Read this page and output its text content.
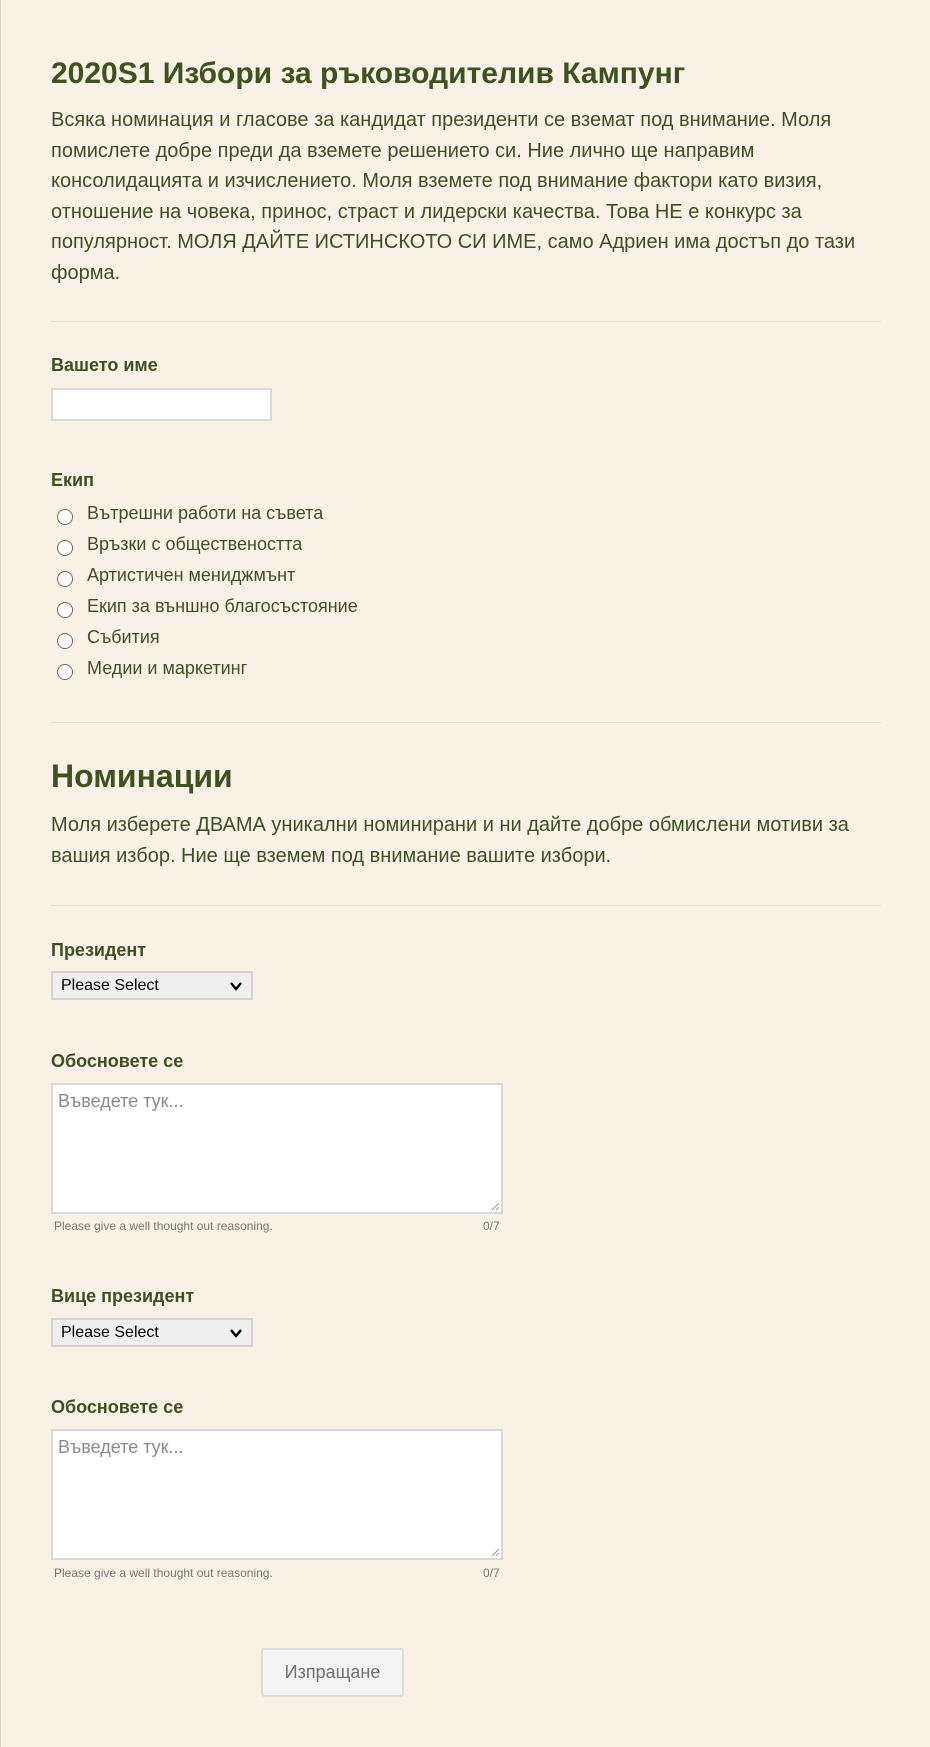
2020S1 Избори за ръководителив Кампунг

Всяка номинация и гласове за кандидат президенти се вземат под внимание. Моля помислете добре преди да вземете решението си. Ние лично ще направим консолидацията и изчислението. Моля вземете под внимание фактори като визия, отношение на човека, принос, страст и лидерски качества. Това НЕ е конкурс за популярност. МОЛЯ ДАЙТЕ ИСТИНСКОТО СИ ИМЕ, само Адриен има достъп до тази форма.

Вашето име
Екип
Вътрешни работи на съвета
Връзки с обществеността
Артистичен мениджмънт
Екип за външно благосъстояние
Събития
Медии и маркетинг
Номинации

Моля изберете ДВАМА уникални номинирани и ни дайте добре обмислени мотиви за вашия избор. Ние ще вземем под внимание вашите избори.

Президент
Please Select
Обосновете се
Въведете тук...
Please give a well thought out reasoning.	0/7
Вице президент
Please Select
Обосновете се
Въведете тук...
Please give a well thought out reasoning.	0/7
Изпращане
